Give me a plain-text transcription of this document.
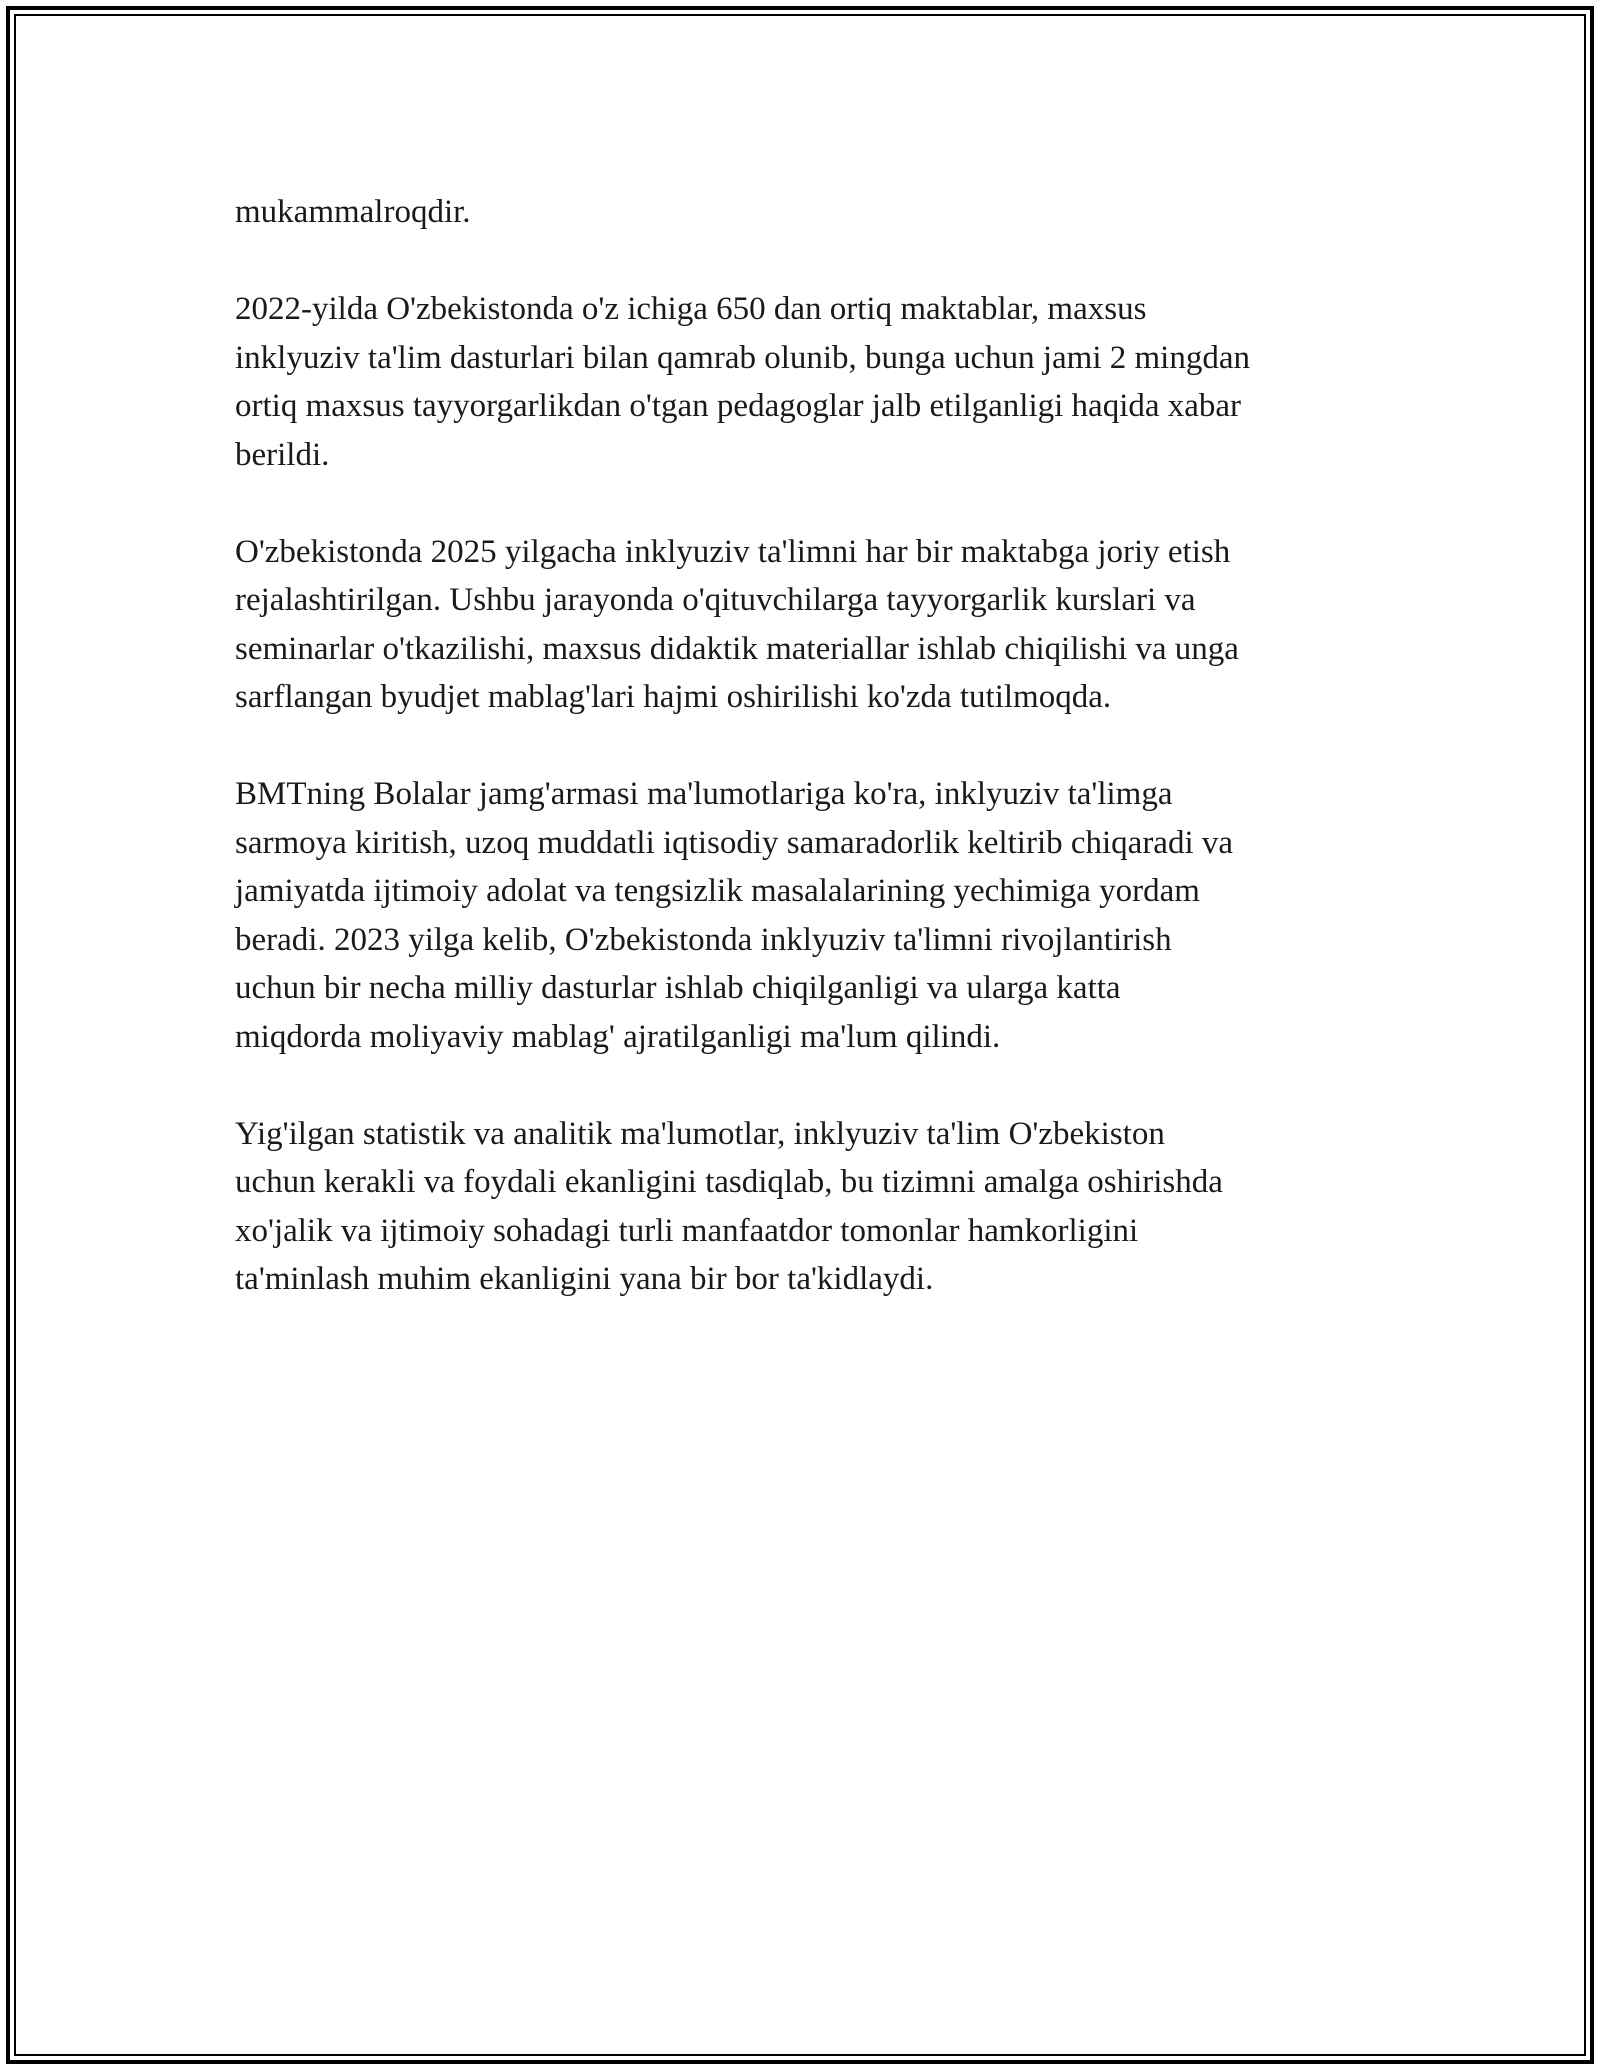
mukammalroqdir.

2022-yilda O'zbekistonda o'z ichiga 650 dan ortiq maktablar, maxsus
inklyuziv ta'lim dasturlari bilan qamrab olunib, bunga uchun jami 2 mingdan
ortiq maxsus tayyorgarlikdan o'tgan pedagoglar jalb etilganligi haqida xabar
berildi.

O'zbekistonda 2025 yilgacha inklyuziv ta'limni har bir maktabga joriy etish
rejalashtirilgan. Ushbu jarayonda o'qituvchilarga tayyorgarlik kurslari va
seminarlar o'tkazilishi, maxsus didaktik materiallar ishlab chiqilishi va unga
sarflangan byudjet mablag'lari hajmi oshirilishi ko'zda tutilmoqda.

BMTning Bolalar jamg'armasi ma'lumotlariga ko'ra, inklyuziv ta'limga
sarmoya kiritish, uzoq muddatli iqtisodiy samaradorlik keltirib chiqaradi va
jamiyatda ijtimoiy adolat va tengsizlik masalalarining yechimiga yordam
beradi. 2023 yilga kelib, O'zbekistonda inklyuziv ta'limni rivojlantirish
uchun bir necha milliy dasturlar ishlab chiqilganligi va ularga katta
miqdorda moliyaviy mablag' ajratilganligi ma'lum qilindi.

Yig'ilgan statistik va analitik ma'lumotlar, inklyuziv ta'lim O'zbekiston
uchun kerakli va foydali ekanligini tasdiqlab, bu tizimni amalga oshirishda
xo'jalik va ijtimoiy sohadagi turli manfaatdor tomonlar hamkorligini
ta'minlash muhim ekanligini yana bir bor ta'kidlaydi.
